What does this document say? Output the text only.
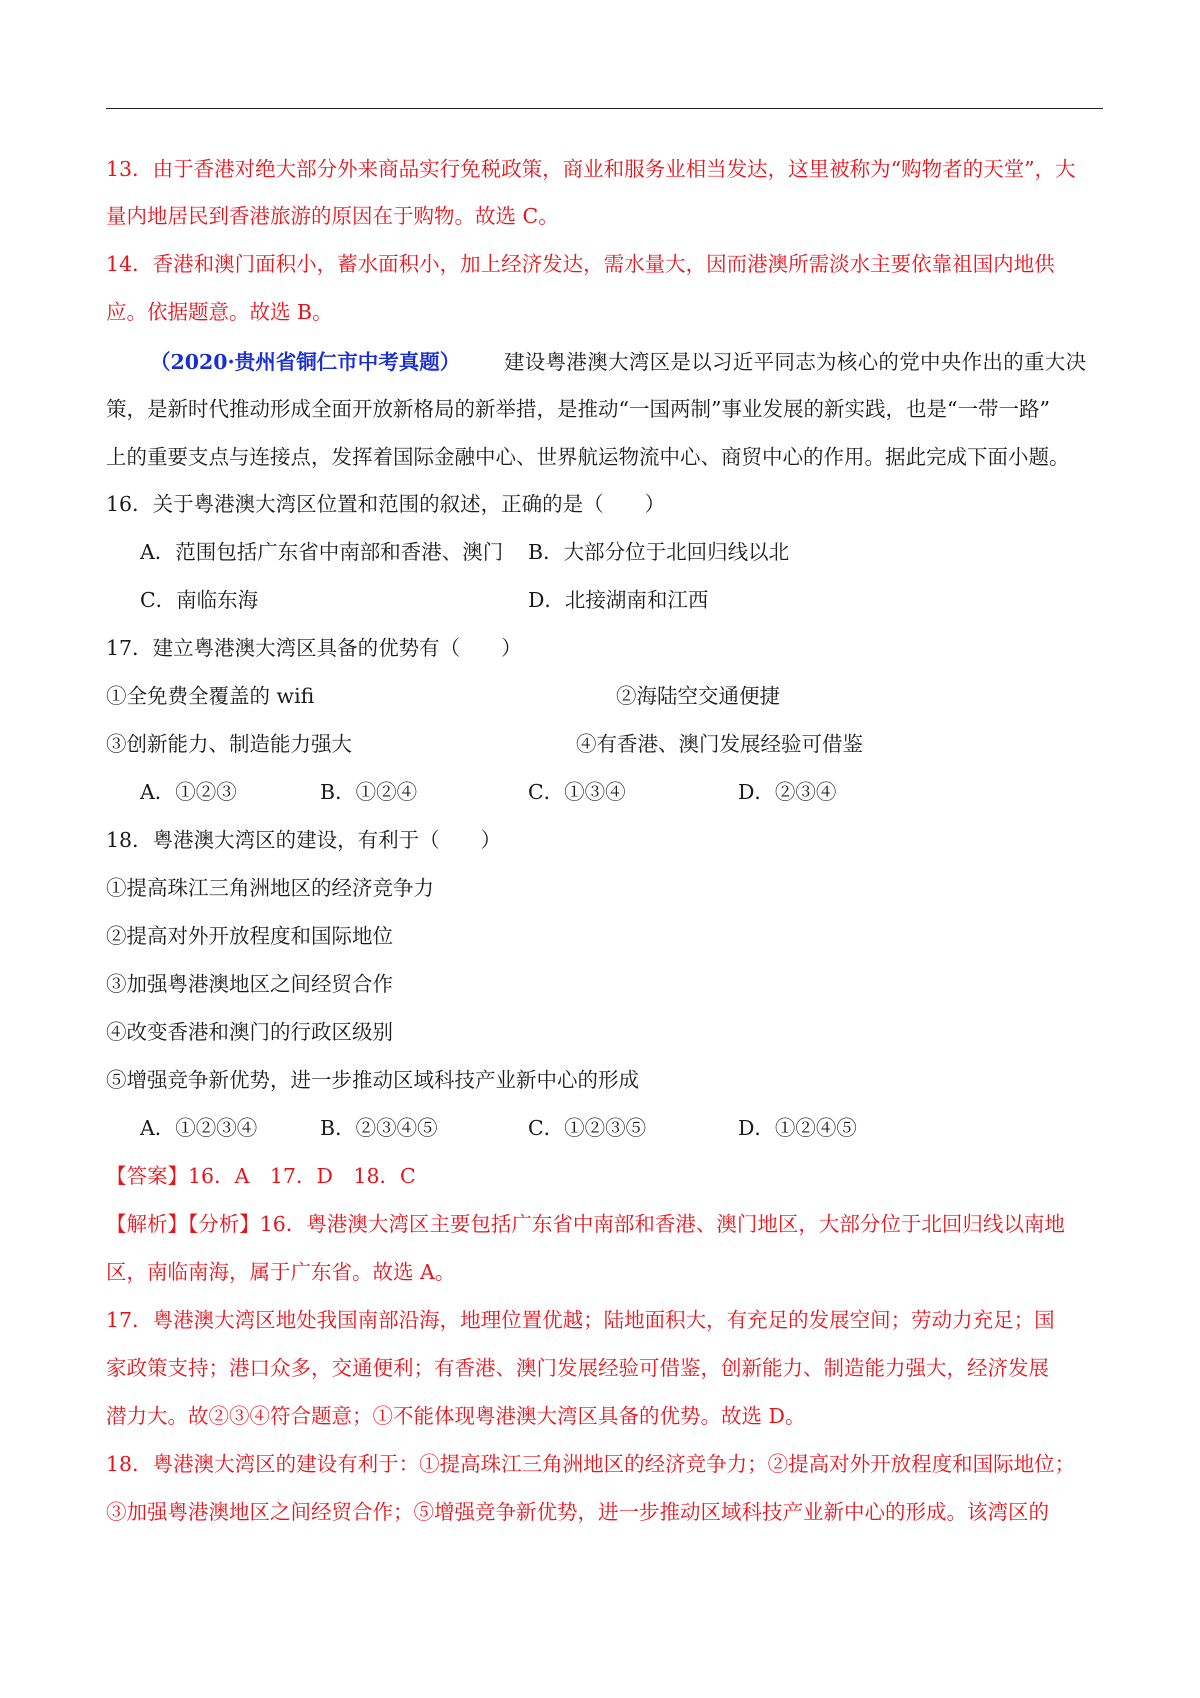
13．由于香港对绝大部分外来商品实行免税政策，商业和服务业相当发达，这里被称为“购物者的天堂”，大
量内地居民到香港旅游的原因在于购物。故选 C。
14．香港和澳门面积小，蓄水面积小，加上经济发达，需水量大，因而港澳所需淡水主要依靠祖国内地供
应。依据题意。故选 B。
（2020·贵州省铜仁市中考真题） 建设粤港澳大湾区是以习近平同志为核心的党中央作出的重大决
策，是新时代推动形成全面开放新格局的新举措，是推动“一国两制”事业发展的新实践，也是“一带一路”
上的重要支点与连接点，发挥着国际金融中心、世界航运物流中心、商贸中心的作用。据此完成下面小题。
16．关于粤港澳大湾区位置和范围的叙述，正确的是（　　）
A．范围包括广东省中南部和香港、澳门	B．大部分位于北回归线以北
C．南临东海	D．北接湖南和江西
17．建立粤港澳大湾区具备的优势有（　　）
①全免费全覆盖的 wifi	②海陆空交通便捷
③创新能力、制造能力强大	④有香港、澳门发展经验可借鉴
A．①②③	B．①②④	C．①③④	D．②③④
18．粤港澳大湾区的建设，有利于（　　）
①提高珠江三角洲地区的经济竞争力
②提高对外开放程度和国际地位
③加强粤港澳地区之间经贸合作
④改变香港和澳门的行政区级别
⑤增强竞争新优势，进一步推动区域科技产业新中心的形成
A．①②③④	B．②③④⑤	C．①②③⑤	D．①②④⑤
【答案】16．A　17．D　18．C
【解析】【分析】16．粤港澳大湾区主要包括广东省中南部和香港、澳门地区，大部分位于北回归线以南地
区，南临南海，属于广东省。故选 A。
17．粤港澳大湾区地处我国南部沿海，地理位置优越；陆地面积大，有充足的发展空间；劳动力充足；国
家政策支持；港口众多，交通便利；有香港、澳门发展经验可借鉴，创新能力、制造能力强大，经济发展
潜力大。故②③④符合题意；①不能体现粤港澳大湾区具备的优势。故选 D。
18．粤港澳大湾区的建设有利于：①提高珠江三角洲地区的经济竞争力；②提高对外开放程度和国际地位；
③加强粤港澳地区之间经贸合作；⑤增强竞争新优势，进一步推动区域科技产业新中心的形成。该湾区的
